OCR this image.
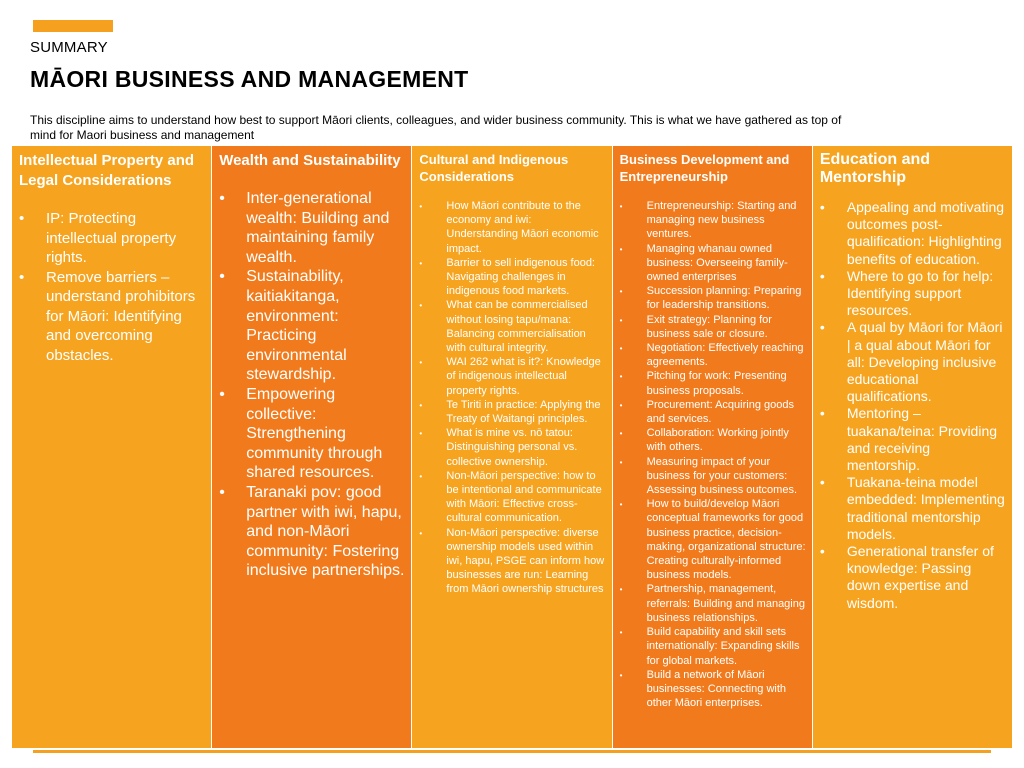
SUMMARY
MĀORI BUSINESS AND MANAGEMENT
This discipline aims to understand how best to support Māori clients, colleagues, and wider business community. This is what we have gathered as top of mind for Maori business and management
Intellectual Property and Legal Considerations
• IP: Protecting intellectual property rights.
• Remove barriers – understand prohibitors for Māori: Identifying and overcoming obstacles.
Wealth and Sustainability
• Inter-generational wealth: Building and maintaining family wealth.
• Sustainability, kaitiakitanga, environment: Practicing environmental stewardship.
• Empowering collective: Strengthening community through shared resources.
• Taranaki pov: good partner with iwi, hapu, and non-Māori community: Fostering inclusive partnerships.
Cultural and Indigenous Considerations
• How Māori contribute to the economy and iwi: Understanding Māori economic impact.
• Barrier to sell indigenous food: Navigating challenges in indigenous food markets.
• What can be commercialised without losing tapu/mana: Balancing commercialisation with cultural integrity.
• WAI 262 what is it?: Knowledge of indigenous intellectual property rights.
• Te Tiriti in practice: Applying the Treaty of Waitangi principles.
• What is mine vs. nō tatou: Distinguishing personal vs. collective ownership.
• Non-Māori perspective: how to be intentional and communicate with Māori: Effective cross-cultural communication.
• Non-Māori perspective: diverse ownership models used within iwi, hapu, PSGE can inform how businesses are run: Learning from Māori ownership structures
Business Development and Entrepreneurship
• Entrepreneurship: Starting and managing new business ventures.
• Managing whanau owned business: Overseeing family-owned enterprises
• Succession planning: Preparing for leadership transitions.
• Exit strategy: Planning for business sale or closure.
• Negotiation: Effectively reaching agreements.
• Pitching for work: Presenting business proposals.
• Procurement: Acquiring goods and services.
• Collaboration: Working jointly with others.
• Measuring impact of your business for your customers: Assessing business outcomes.
• How to build/develop Māori conceptual frameworks for good business practice, decision-making, organizational structure: Creating culturally-informed business models.
• Partnership, management, referrals: Building and managing business relationships.
• Build capability and skill sets internationally: Expanding skills for global markets.
• Build a network of Māori businesses: Connecting with other Māori enterprises.
Education and Mentorship
• Appealing and motivating outcomes post-qualification: Highlighting benefits of education.
• Where to go to for help: Identifying support resources.
• A qual by Māori for Māori | a qual about Māori for all: Developing inclusive educational qualifications.
• Mentoring – tuakana/teina: Providing and receiving mentorship.
• Tuakana-teina model embedded: Implementing traditional mentorship models.
• Generational transfer of knowledge: Passing down expertise and wisdom.
